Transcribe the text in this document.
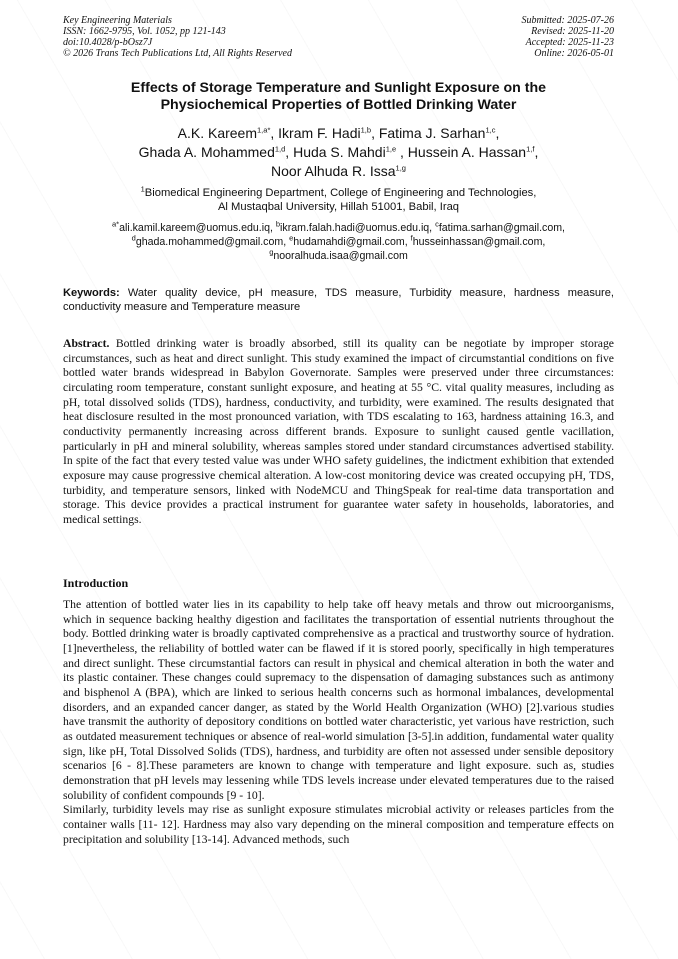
Key Engineering Materials
ISSN: 1662-9795, Vol. 1052, pp 121-143
doi:10.4028/p-bOsz7J
© 2026 Trans Tech Publications Ltd, All Rights Reserved
Submitted: 2025-07-26
Revised: 2025-11-20
Accepted: 2025-11-23
Online: 2026-05-01
Effects of Storage Temperature and Sunlight Exposure on the
Physiochemical Properties of Bottled Drinking Water
A.K. Kareem$^{1,a*}$, Ikram F. Hadi$^{1,b}$, Fatima J. Sarhan$^{1,c}$,
Ghada A. Mohammed$^{1,d}$, Huda S. Mahdi$^{1,e}$ , Hussein A. Hassan$^{1,f}$,
Noor Alhuda R. Issa$^{1,g}$
$^1$Biomedical Engineering Department, College of Engineering and Technologies,
Al Mustaqbal University, Hillah 51001, Babil, Iraq
$^{a*}$ali.kamil.kareem@uomus.edu.iq, $^b$ikram.falah.hadi@uomus.edu.iq, $^c$fatima.sarhan@gmail.com,
$^d$ghada.mohammed@gmail.com, $^e$hudamahdi@gmail.com, $^f$husseinhassan@gmail.com,
$^g$nooralhuda.isaa@gmail.com
Keywords: Water quality device, pH measure, TDS measure, Turbidity measure, hardness measure, conductivity measure and Temperature measure
Abstract. Bottled drinking water is broadly absorbed, still its quality can be negotiate by improper storage circumstances, such as heat and direct sunlight. This study examined the impact of circumstantial conditions on five bottled water brands widespread in Babylon Governorate. Samples were preserved under three circumstances: circulating room temperature, constant sunlight exposure, and heating at 55 °C. vital quality measures, including as pH, total dissolved solids (TDS), hardness, conductivity, and turbidity, were examined. The results designated that heat disclosure resulted in the most pronounced variation, with TDS escalating to 163, hardness attaining 16.3, and conductivity permanently increasing across different brands. Exposure to sunlight caused gentle vacillation, particularly in pH and mineral solubility, whereas samples stored under standard circumstances advertised stability. In spite of the fact that every tested value was under WHO safety guidelines, the indictment exhibition that extended exposure may cause progressive chemical alteration. A low-cost monitoring device was created occupying pH, TDS, turbidity, and temperature sensors, linked with NodeMCU and ThingSpeak for real-time data transportation and storage. This device provides a practical instrument for guarantee water safety in households, laboratories, and medical settings.
Introduction

The attention of bottled water lies in its capability to help take off heavy metals and throw out microorganisms, which in sequence backing healthy digestion and facilitates the transportation of essential nutrients throughout the body. Bottled drinking water is broadly captivated comprehensive as a practical and trustworthy source of hydration.[1]nevertheless, the reliability of bottled water can be flawed if it is stored poorly, specifically in high temperatures and direct sunlight. These circumstantial factors can result in physical and chemical alteration in both the water and its plastic container. These changes could supremacy to the dispensation of damaging substances such as antimony and bisphenol A (BPA), which are linked to serious health concerns such as hormonal imbalances, developmental disorders, and an expanded cancer danger, as stated by the World Health Organization (WHO) [2].various studies have transmit the authority of depository conditions on bottled water characteristic, yet various have restriction, such as outdated measurement techniques or absence of real-world simulation [3-5].in addition, fundamental water quality sign, like pH, Total Dissolved Solids (TDS), hardness, and turbidity are often not assessed under sensible depository scenarios [6 - 8].These parameters are known to change with temperature and light exposure. such as, studies demonstration that pH levels may lessening while TDS levels increase under elevated temperatures due to the raised solubility of confident compounds [9 - 10].

Similarly, turbidity levels may rise as sunlight exposure stimulates microbial activity or releases particles from the container walls [11- 12]. Hardness may also vary depending on the mineral composition and temperature effects on precipitation and solubility [13-14]. Advanced methods, such
